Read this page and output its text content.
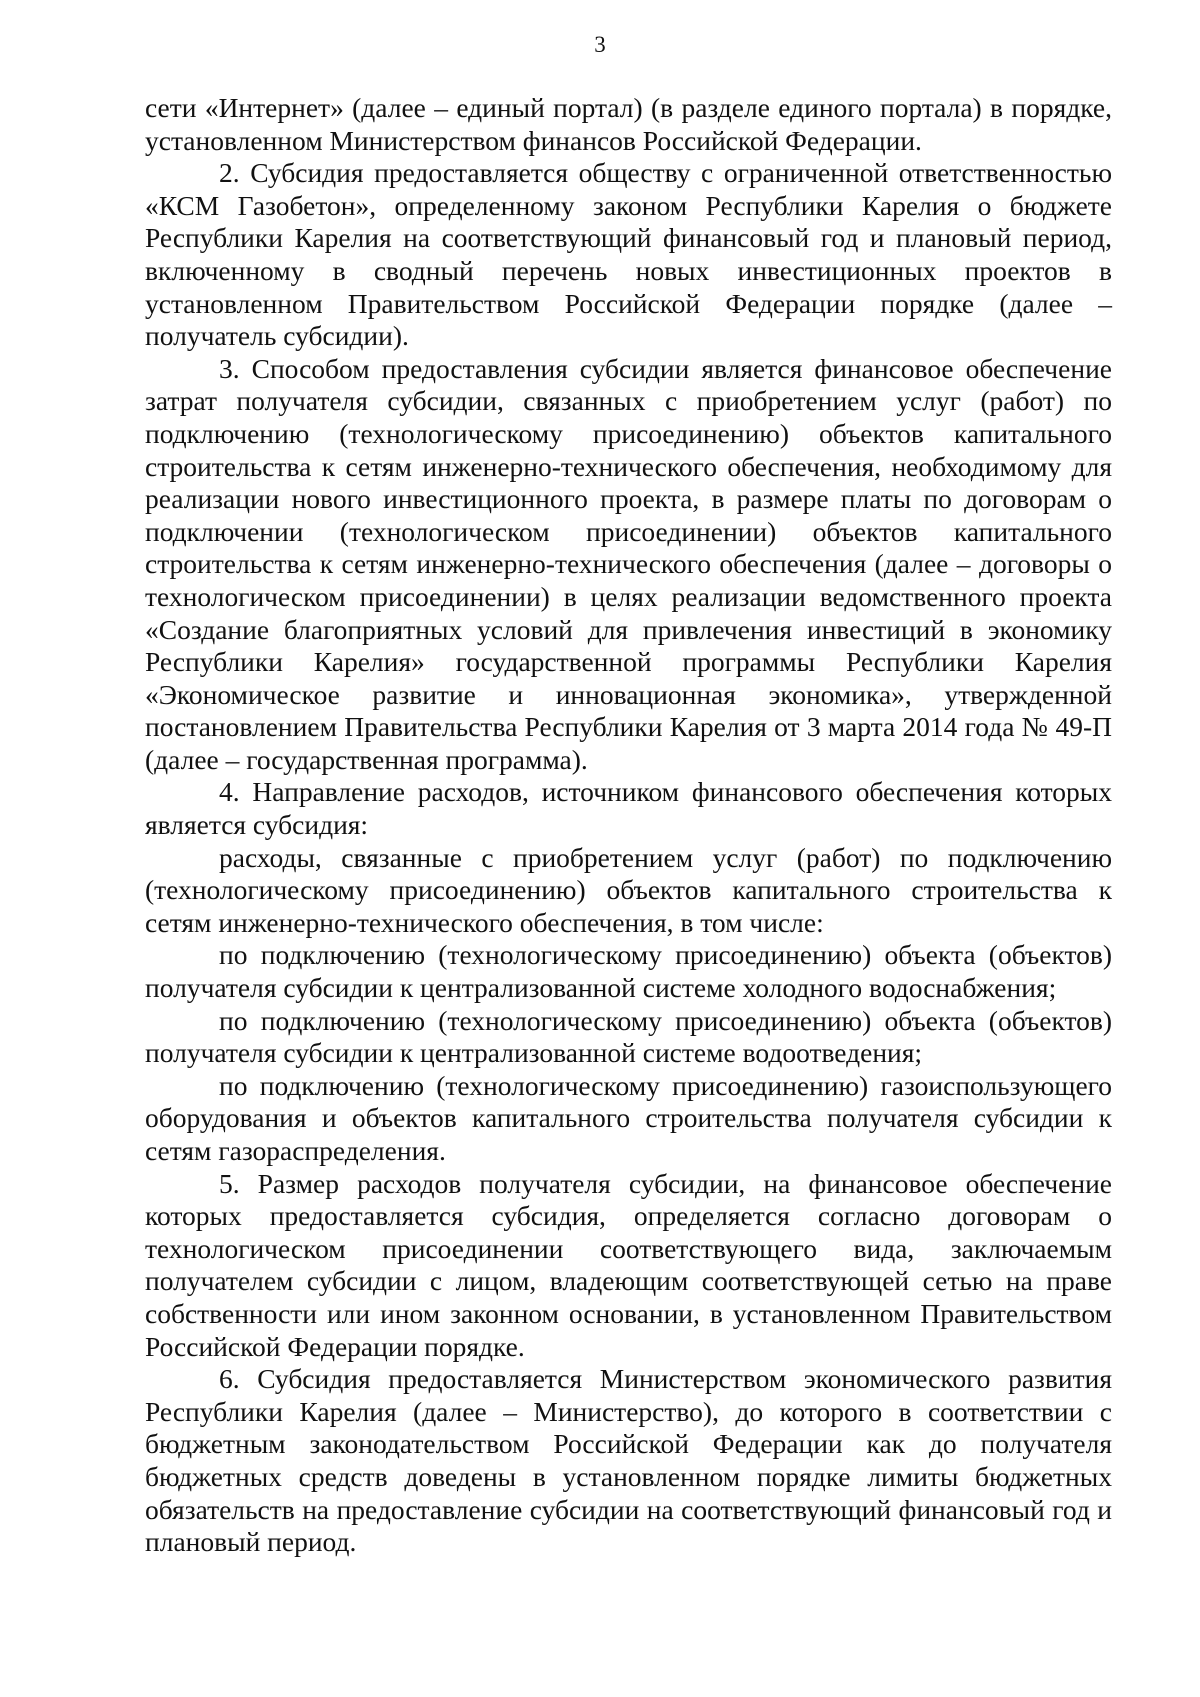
3

сети «Интернет» (далее – единый портал) (в разделе единого портала) в порядке, установленном Министерством финансов Российской Федерации.

2. Субсидия предоставляется обществу с ограниченной ответственностью «КСМ Газобетон», определенному законом Республики Карелия о бюджете Республики Карелия на соответствующий финансовый год и плановый период, включенному в сводный перечень новых инвестиционных проектов в установленном Правительством Российской Федерации порядке (далее – получатель субсидии).

3. Способом предоставления субсидии является финансовое обеспечение затрат получателя субсидии, связанных с приобретением услуг (работ) по подключению (технологическому присоединению) объектов капитального строительства к сетям инженерно-технического обеспечения, необходимому для реализации нового инвестиционного проекта, в размере платы по договорам о подключении (технологическом присоединении) объектов капитального строительства к сетям инженерно-технического обеспечения (далее – договоры о технологическом присоединении) в целях реализации ведомственного проекта «Создание благоприятных условий для привлечения инвестиций в экономику Республики Карелия» государственной программы Республики Карелия «Экономическое развитие и инновационная экономика», утвержденной постановлением Правительства Республики Карелия от 3 марта 2014 года № 49-П (далее – государственная программа).

4. Направление расходов, источником финансового обеспечения которых является субсидия:

расходы, связанные с приобретением услуг (работ) по подключению (технологическому присоединению) объектов капитального строительства к сетям инженерно-технического обеспечения, в том числе:

по подключению (технологическому присоединению) объекта (объектов) получателя субсидии к централизованной системе холодного водоснабжения;

по подключению (технологическому присоединению) объекта (объектов) получателя субсидии к централизованной системе водоотведения;

по подключению (технологическому присоединению) газоиспользующего оборудования и объектов капитального строительства получателя субсидии к сетям газораспределения.

5. Размер расходов получателя субсидии, на финансовое обеспечение которых предоставляется субсидия, определяется согласно договорам о технологическом присоединении соответствующего вида, заключаемым получателем субсидии с лицом, владеющим соответствующей сетью на праве собственности или ином законном основании, в установленном Правительством Российской Федерации порядке.

6. Субсидия предоставляется Министерством экономического развития Республики Карелия (далее – Министерство), до которого в соответствии с бюджетным законодательством Российской Федерации как до получателя бюджетных средств доведены в установленном порядке лимиты бюджетных обязательств на предоставление субсидии на соответствующий финансовый год и плановый период.
